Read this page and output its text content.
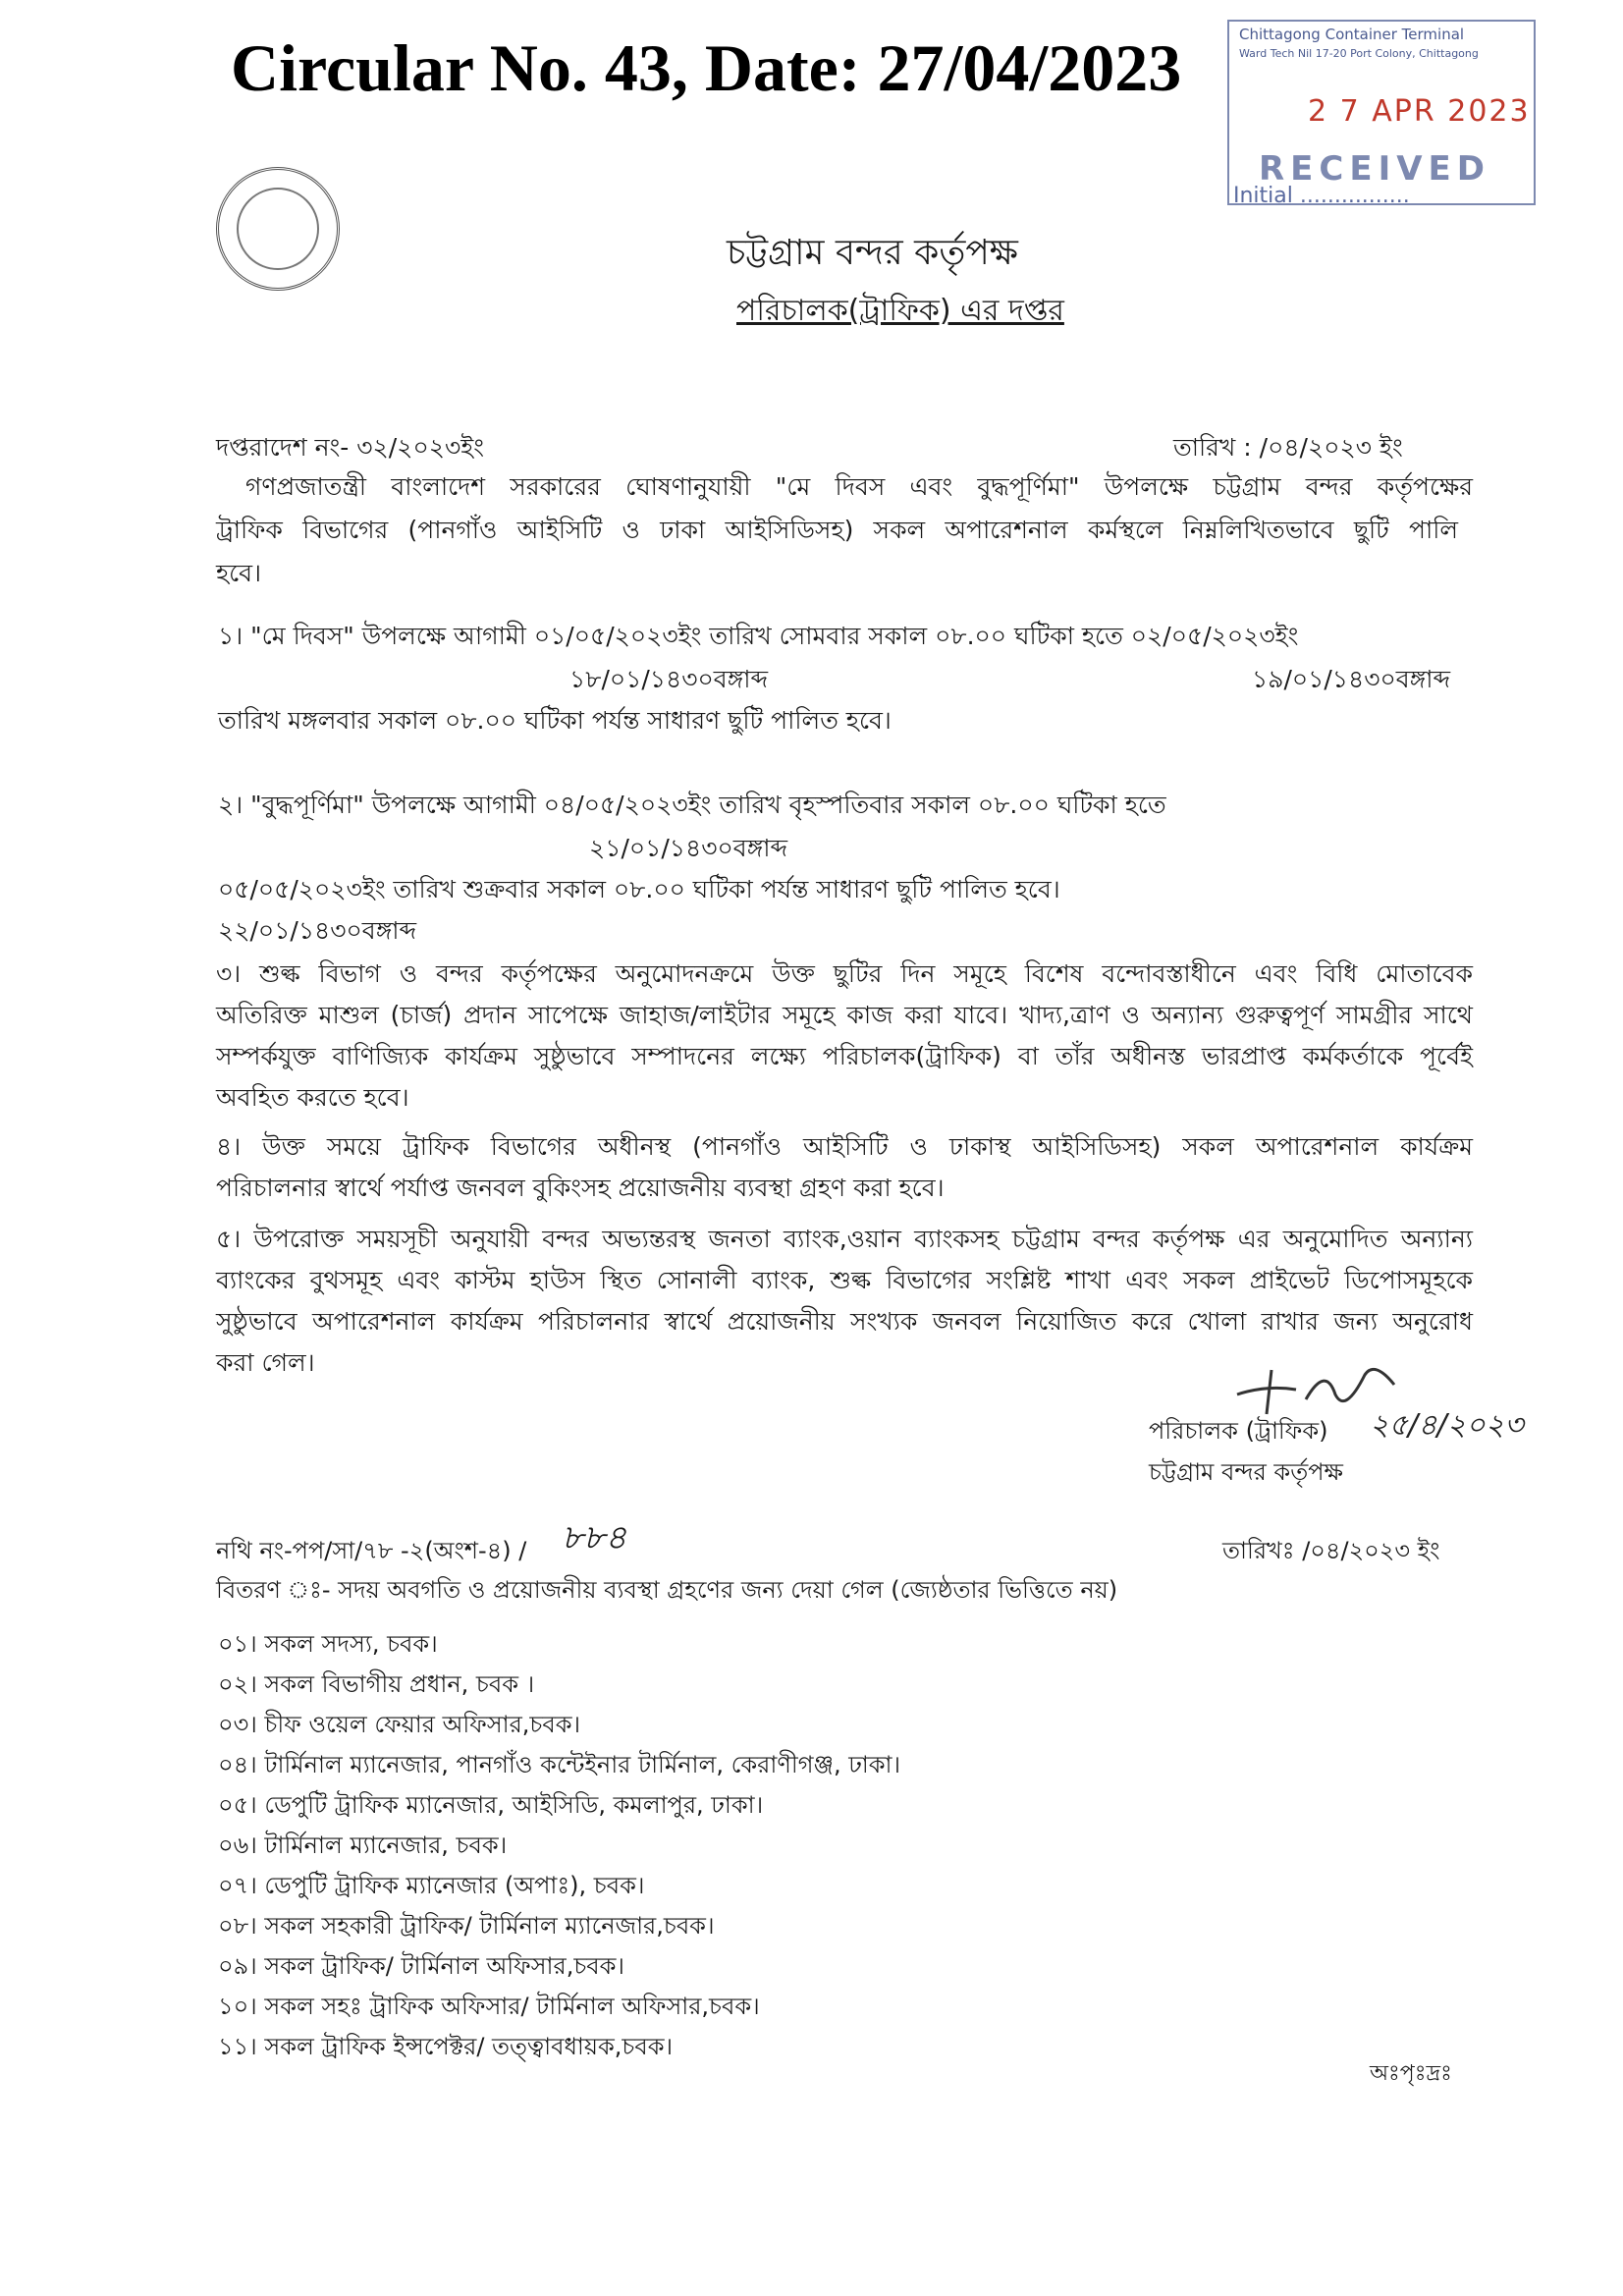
Circular No. 43, Date: 27/04/2023	Chittagong Container Terminal
Ward Tech Nil 17-20 Port Colony, Chittagong
2 7 APR 2023
RECEIVED
Initial ................
চট্টগ্রাম বন্দর কর্তৃপক্ষ
পরিচালক(ট্রাফিক) এর দপ্তর
দপ্তরাদেশ নং- ৩২/২০২৩ইং	তারিখ : /০৪/২০২৩ ইং
গণপ্রজাতন্ত্রী বাংলাদেশ সরকারের ঘোষণানুযায়ী "মে দিবস এবং বুদ্ধপূর্ণিমা" উপলক্ষে চট্টগ্রাম বন্দর কর্তৃপক্ষের
ট্রাফিক বিভাগের (পানগাঁও আইসিটি ও ঢাকা আইসিডিসহ) সকল অপারেশনাল কর্মস্থলে নিম্নলিখিতভাবে ছুটি পালি
হবে।
১। "মে দিবস" উপলক্ষে আগামী ০১/০৫/২০২৩ইং তারিখ সোমবার সকাল ০৮.০০ ঘটিকা হতে ০২/০৫/২০২৩ইং
১৮/০১/১৪৩০বঙ্গাব্দ	১৯/০১/১৪৩০বঙ্গাব্দ
তারিখ মঙ্গলবার সকাল ০৮.০০ ঘটিকা পর্যন্ত সাধারণ ছুটি পালিত হবে।
২। "বুদ্ধপূর্ণিমা" উপলক্ষে আগামী ০৪/০৫/২০২৩ইং তারিখ বৃহস্পতিবার সকাল ০৮.০০ ঘটিকা হতে
২১/০১/১৪৩০বঙ্গাব্দ
০৫/০৫/২০২৩ইং তারিখ শুক্রবার সকাল ০৮.০০ ঘটিকা পর্যন্ত সাধারণ ছুটি পালিত হবে।
২২/০১/১৪৩০বঙ্গাব্দ
৩। শুল্ক বিভাগ ও বন্দর কর্তৃপক্ষের অনুমোদনক্রমে উক্ত ছুটির দিন সমূহে বিশেষ বন্দোবস্তাধীনে এবং বিধি মোতাবেক
অতিরিক্ত মাশুল (চার্জ) প্রদান সাপেক্ষে জাহাজ/লাইটার সমূহে কাজ করা যাবে। খাদ্য,ত্রাণ ও অন্যান্য গুরুত্বপূর্ণ সামগ্রীর সাথে
সম্পর্কযুক্ত বাণিজ্যিক কার্যক্রম সুষ্ঠুভাবে সম্পাদনের লক্ষ্যে পরিচালক(ট্রাফিক) বা তাঁর অধীনস্ত ভারপ্রাপ্ত কর্মকর্তাকে পূর্বেই
অবহিত করতে হবে।
৪। উক্ত সময়ে ট্রাফিক বিভাগের অধীনস্থ (পানগাঁও আইসিটি ও ঢাকাস্থ আইসিডিসহ) সকল অপারেশনাল কার্যক্রম
পরিচালনার স্বার্থে পর্যাপ্ত জনবল বুকিংসহ প্রয়োজনীয় ব্যবস্থা গ্রহণ করা হবে।
৫। উপরোক্ত সময়সূচী অনুযায়ী বন্দর অভ্যন্তরস্থ জনতা ব্যাংক,ওয়ান ব্যাংকসহ চট্টগ্রাম বন্দর কর্তৃপক্ষ এর অনুমোদিত অন্যান্য
ব্যাংকের বুথসমূহ এবং কাস্টম হাউস স্থিত সোনালী ব্যাংক, শুল্ক বিভাগের সংশ্লিষ্ট শাখা এবং সকল প্রাইভেট ডিপোসমূহকে
সুষ্ঠুভাবে অপারেশনাল কার্যক্রম পরিচালনার স্বার্থে প্রয়োজনীয় সংখ্যক জনবল নিয়োজিত করে খোলা রাখার জন্য অনুরোধ
করা গেল।
পরিচালক (ট্রাফিক) ২৫/৪/২০২৩
চট্টগ্রাম বন্দর কর্তৃপক্ষ
নথি নং-পপ/সা/৭৮ -২(অংশ-৪) / ৮৮৪	তারিখঃ /০৪/২০২৩ ইং
বিতরণ ঃ- সদয় অবগতি ও প্রয়োজনীয় ব্যবস্থা গ্রহণের জন্য দেয়া গেল (জ্যেষ্ঠতার ভিত্তিতে নয়)
০১। সকল সদস্য, চবক।
০২। সকল বিভাগীয় প্রধান, চবক ।
০৩। চীফ ওয়েল ফেয়ার অফিসার,চবক।
০৪। টার্মিনাল ম্যানেজার, পানগাঁও কন্টেইনার টার্মিনাল, কেরাণীগঞ্জ, ঢাকা।
০৫। ডেপুটি ট্রাফিক ম্যানেজার, আইসিডি, কমলাপুর, ঢাকা।
০৬। টার্মিনাল ম্যানেজার, চবক।
০৭। ডেপুটি ট্রাফিক ম্যানেজার (অপাঃ), চবক।
০৮। সকল সহকারী ট্রাফিক/ টার্মিনাল ম্যানেজার,চবক।
০৯। সকল ট্রাফিক/ টার্মিনাল অফিসার,চবক।
১০। সকল সহঃ ট্রাফিক অফিসার/ টার্মিনাল অফিসার,চবক।
১১। সকল ট্রাফিক ইন্সপেক্টর/ তত্ত্বাবধায়ক,চবক।
অঃপৃঃদ্রঃ
